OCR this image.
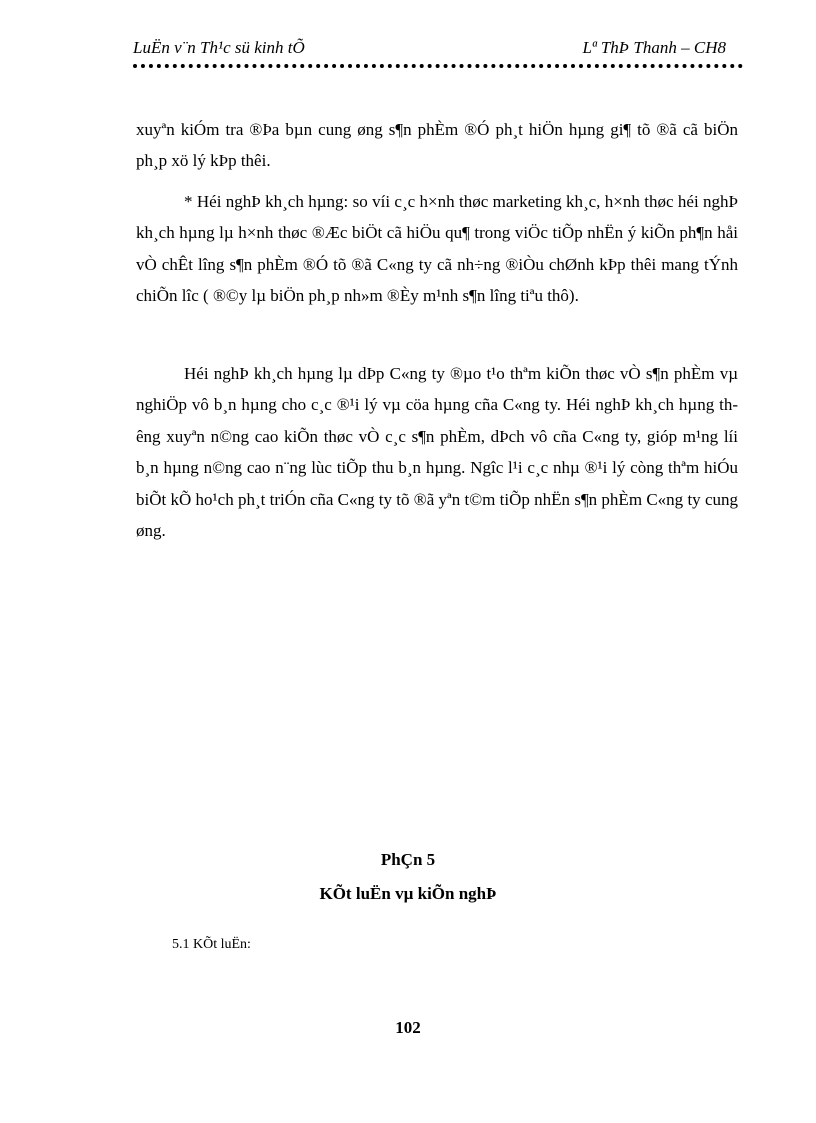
LuËn v¨n Th¹c sü kinh tÕ	Lª ThÞ Thanh – CH8

xuyªn kiÓm tra ®Þa bµn cung øng s¶n phÈm ®Ó ph¸t hiÖn hµng gi¶ tõ ®ã cã biÖn ph¸p xö lý kÞp thêi.

* Héi nghÞ kh¸ch hµng: so víi c¸c h×nh thøc marketing kh¸c, h×nh thøc héi nghÞ kh¸ch hµng lµ h×nh thøc ®Æc biÖt cã hiÖu qu¶ trong viÖc tiÕp nhËn ý kiÕn ph¶n håi vÒ chÊt lîng s¶n phÈm ®Ó tõ ®ã C«ng ty cã nh÷ng ®iÒu chØnh kÞp thêi mang tÝnh chiÕn lîc ( ®©y lµ biÖn ph¸p nh»m ®Èy m¹nh s¶n lîng tiªu thô).

Héi nghÞ kh¸ch hµng lµ dÞp C«ng ty ®µo t¹o thªm kiÕn thøc vÒ s¶n phÈm vµ nghiÖp vô b¸n hµng cho c¸c ®¹i lý vµ cöa hµng cña C«ng ty. Héi nghÞ kh¸ch hµng thêng xuyªn n©ng cao kiÕn thøc vÒ c¸c s¶n phÈm, dÞch vô cña C«ng ty, gióp m¹ng líi b¸n hµng n©ng cao n¨ng lùc tiÕp thu b¸n hµng. Ngîc l¹i c¸c nhµ ®¹i lý còng thªm hiÓu biÕt kÕ ho¹ch ph¸t triÓn cña C«ng ty tõ ®ã yªn t©m tiÕp nhËn s¶n phÈm C«ng ty cung øng.

PhÇn 5
KÕt luËn vµ kiÕn nghÞ
5.1 KÕt luËn:
102
